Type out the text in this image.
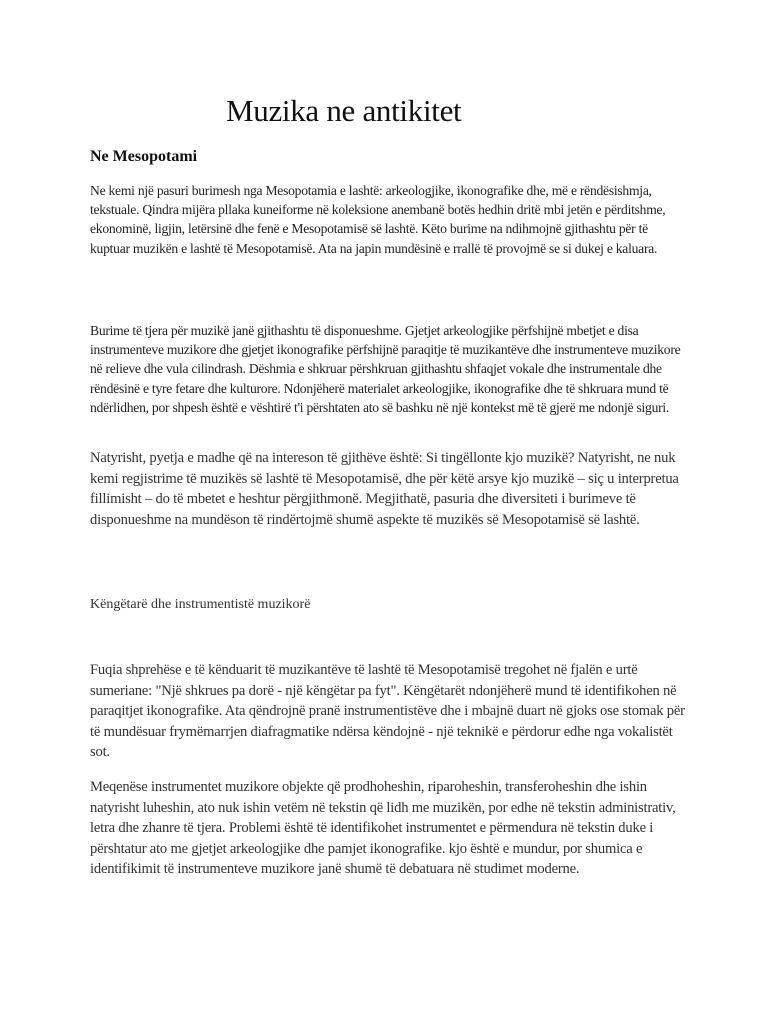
Muzika ne antikitet
Ne Mesopotami

Ne kemi një pasuri burimesh nga Mesopotamia e lashtë: arkeologjike, ikonografike dhe, më e rëndësishmja, tekstuale. Qindra mijëra pllaka kuneiforme në koleksione anembanë botës hedhin dritë mbi jetën e përditshme, ekonominë, ligjin, letërsinë dhe fenë e Mesopotamisë së lashtë. Këto burime na ndihmojnë gjithashtu për të kuptuar muzikën e lashtë të Mesopotamisë. Ata na japin mundësinë e rrallë të provojmë se si dukej e kaluara.

Burime të tjera për muzikë janë gjithashtu të disponueshme. Gjetjet arkeologjike përfshijnë mbetjet e disa instrumenteve muzikore dhe gjetjet ikonografike përfshijnë paraqitje të muzikantëve dhe instrumenteve muzikore në relieve dhe vula cilindrash. Dëshmia e shkruar përshkruan gjithashtu shfaqjet vokale dhe instrumentale dhe rëndësinë e tyre fetare dhe kulturore. Ndonjëherë materialet arkeologjike, ikonografike dhe të shkruara mund të ndërlidhen, por shpesh është e vështirë t'i përshtaten ato së bashku në një kontekst më të gjerë me ndonjë siguri.

Natyrisht, pyetja e madhe që na intereson të gjithëve është: Si tingëllonte kjo muzikë? Natyrisht, ne nuk kemi regjistrime të muzikës së lashtë të Mesopotamisë, dhe për këtë arsye kjo muzikë – siç u interpretua fillimisht – do të mbetet e heshtur përgjithmonë. Megjithatë, pasuria dhe diversiteti i burimeve të disponueshme na mundëson të rindërtojmë shumë aspekte të muzikës së Mesopotamisë së lashtë.

Këngëtarë dhe instrumentistë muzikorë

Fuqia shprehëse e të kënduarit të muzikantëve të lashtë të Mesopotamisë tregohet në fjalën e urtë sumeriane: "Një shkrues pa dorë - një këngëtar pa fyt". Këngëtarët ndonjëherë mund të identifikohen në paraqitjet ikonografike. Ata qëndrojnë pranë instrumentistëve dhe i mbajnë duart në gjoks ose stomak për të mundësuar frymëmarrjen diafragmatike ndërsa këndojnë - një teknikë e përdorur edhe nga vokalistët sot.

Meqenëse instrumentet muzikore objekte që prodhoheshin, riparoheshin, transferoheshin dhe ishin natyrisht luheshin, ato nuk ishin vetëm në tekstin që lidh me muzikën, por edhe në tekstin administrativ, letra dhe zhanre të tjera. Problemi është të identifikohet instrumentet e përmendura në tekstin duke i përshtatur ato me gjetjet arkeologjike dhe pamjet ikonografike. kjo është e mundur, por shumica e identifikimit të instrumenteve muzikore janë shumë të debatuara në studimet moderne.
